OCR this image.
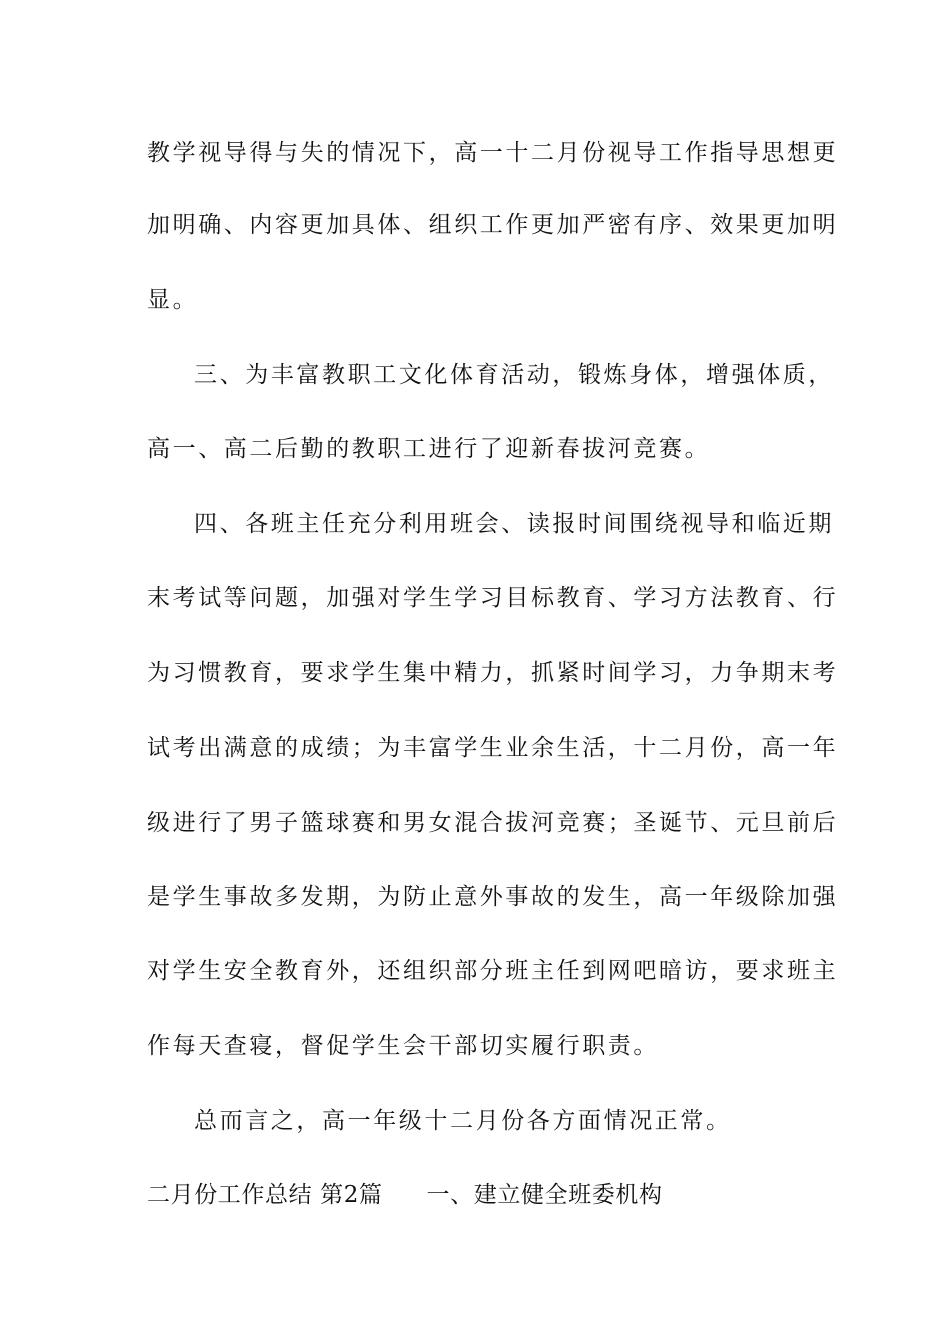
教学视导得与失的情况下，高一十二月份视导工作指导思想更
加明确、内容更加具体、组织工作更加严密有序、效果更加明
显。
三、为丰富教职工文化体育活动，锻炼身体，增强体质，
高一、高二后勤的教职工进行了迎新春拔河竞赛。
四、各班主任充分利用班会、读报时间围绕视导和临近期
末考试等问题，加强对学生学习目标教育、学习方法教育、行
为习惯教育，要求学生集中精力，抓紧时间学习，力争期末考
试考出满意的成绩；为丰富学生业余生活，十二月份，高一年
级进行了男子篮球赛和男女混合拔河竞赛；圣诞节、元旦前后
是学生事故多发期，为防止意外事故的发生，高一年级除加强
对学生安全教育外，还组织部分班主任到网吧暗访，要求班主
作每天查寝，督促学生会干部切实履行职责。
总而言之，高一年级十二月份各方面情况正常。
二月份工作总结 第2篇 一、建立健全班委机构
